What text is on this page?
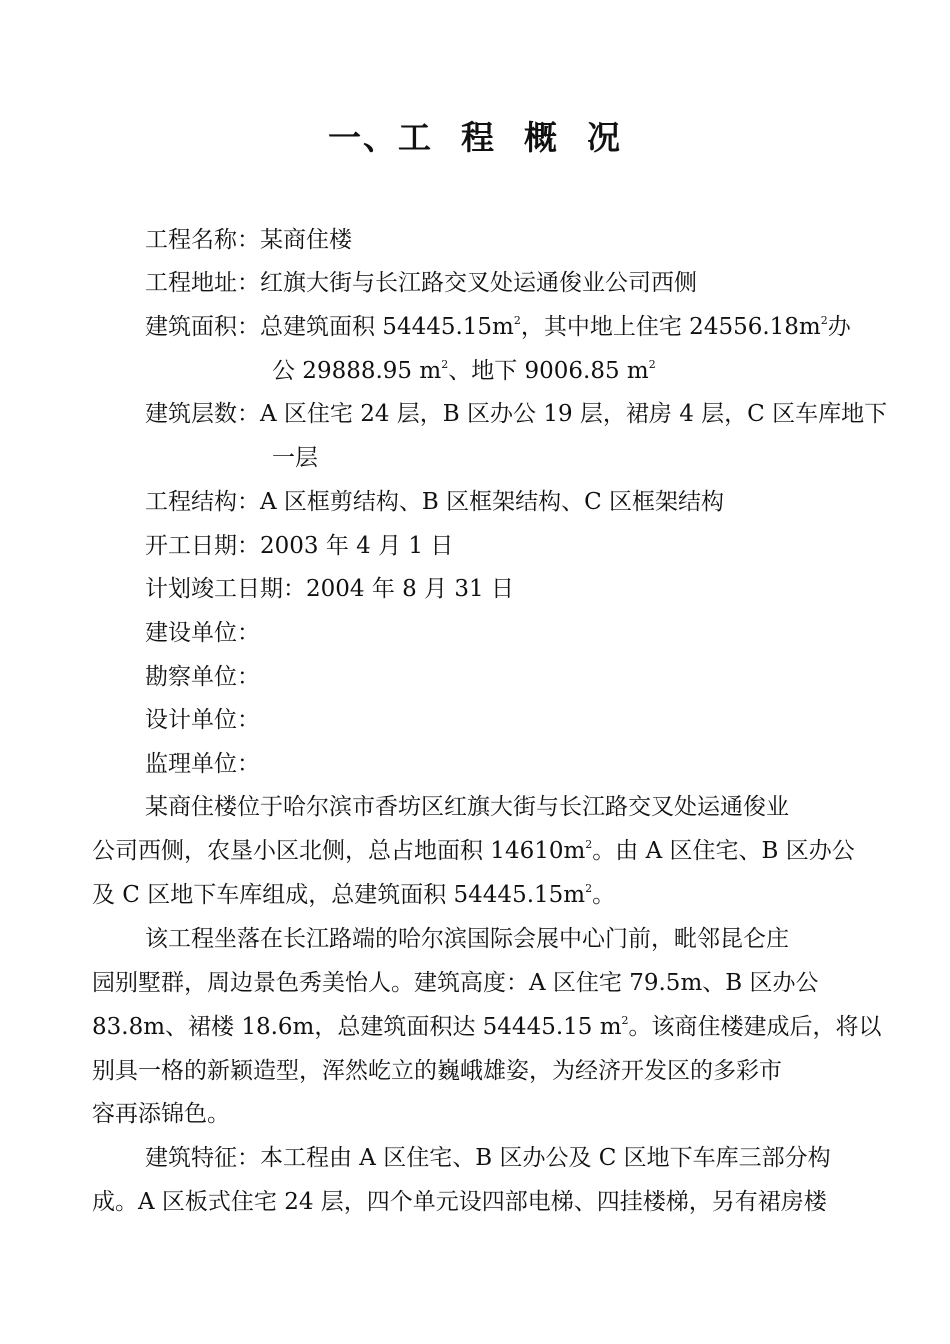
一、工 程 概 况
工程名称：某商住楼
工程地址：红旗大街与长江路交叉处运通俊业公司西侧
建筑面积：总建筑面积 $54445.15m^2$，其中地上住宅 $24556.18m^2$办
公 29888.95 $m^2$、地下 9006.85 $m^2$
建筑层数：A 区住宅 24 层，B 区办公 19 层，裙房 4 层，C 区车库地下
一层
工程结构：A 区框剪结构、B 区框架结构、C 区框架结构
开工日期：2003 年 4 月 1 日
计划竣工日期：2004 年 8 月 31 日
建设单位：
勘察单位：
设计单位：
监理单位：
某商住楼位于哈尔滨市香坊区红旗大街与长江路交叉处运通俊业
公司西侧，农垦小区北侧，总占地面积 $14610m^2$。由 A 区住宅、B 区办公
及 C 区地下车库组成，总建筑面积 $54445.15m^2$。
该工程坐落在长江路端的哈尔滨国际会展中心门前，毗邻昆仑庄
园别墅群，周边景色秀美怡人。建筑高度：A 区住宅 79.5m、B 区办公
83.8m、裙楼 18.6m，总建筑面积达 54445.15 $m^2$。该商住楼建成后，将以
别具一格的新颖造型，浑然屹立的巍峨雄姿，为经济开发区的多彩市
容再添锦色。
建筑特征：本工程由 A 区住宅、B 区办公及 C 区地下车库三部分构
成。A 区板式住宅 24 层，四个单元设四部电梯、四挂楼梯，另有裙房楼
